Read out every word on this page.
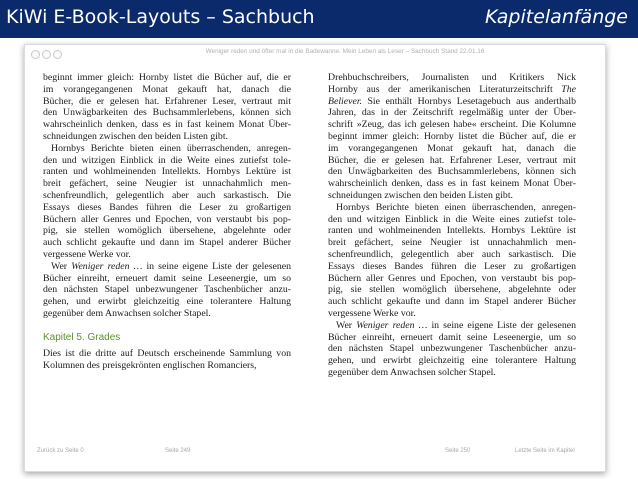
KiWi E-Book-Layouts – Sachbuch	Kapitelanfänge
Weniger reden und öfter mal in die Badewanne. Mein Leben als Leser – Sachbuch Stand 22.01.16
beginnt immer gleich: Hornby listet die Bücher auf, die er
im vorangegangenen Monat gekauft hat, danach die
Bücher, die er gelesen hat. Erfahrener Leser, vertraut mit
den Unwägbarkeiten des Buchsammlerlebens, können sich
wahrscheinlich denken, dass es in fast keinem Monat Über-
schneidungen zwischen den beiden Listen gibt.
Hornbys Berichte bieten einen überraschenden, anregen-
den und witzigen Einblick in die Weite eines zutiefst tole-
ranten und wohlmeinenden Intellekts. Hornbys Lektüre ist
breit gefächert, seine Neugier ist unnachahmlich men-
schenfreundlich, gelegentlich aber auch sarkastisch. Die
Essays dieses Bandes führen die Leser zu großartigen
Büchern aller Genres und Epochen, von verstaubt bis pop-
pig, sie stellen womöglich übersehene, abgelehnte oder
auch schlicht gekaufte und dann im Stapel anderer Bücher
vergessene Werke vor.
Wer Weniger reden … in seine eigene Liste der gelesenen
Bücher einreiht, erneuert damit seine Leseenergie, um so
den nächsten Stapel unbezwungener Taschenbücher anzu-
gehen, und erwirbt gleichzeitig eine tolerantere Haltung
gegenüber dem Anwachsen solcher Stapel.
Kapitel 5. Grades
Dies ist die dritte auf Deutsch erscheinende Sammlung von
Kolumnen des preisgekrönten englischen Romanciers,
Drehbuchschreibers, Journalisten und Kritikers Nick
Hornby aus der amerikanischen Literaturzeitschrift The
Believer. Sie enthält Hornbys Lesetagebuch aus anderthalb
Jahren, das in der Zeitschrift regelmäßig unter der Über-
schrift »Zeug, das ich gelesen habe« erscheint. Die Kolumne
beginnt immer gleich: Hornby listet die Bücher auf, die er
im vorangegangenen Monat gekauft hat, danach die
Bücher, die er gelesen hat. Erfahrener Leser, vertraut mit
den Unwägbarkeiten des Buchsammlerlebens, können sich
wahrscheinlich denken, dass es in fast keinem Monat Über-
schneidungen zwischen den beiden Listen gibt.
Hornbys Berichte bieten einen überraschenden, anregen-
den und witzigen Einblick in die Weite eines zutiefst tole-
ranten und wohlmeinenden Intellekts. Hornbys Lektüre ist
breit gefächert, seine Neugier ist unnachahmlich men-
schenfreundlich, gelegentlich aber auch sarkastisch. Die
Essays dieses Bandes führen die Leser zu großartigen
Büchern aller Genres und Epochen, von verstaubt bis pop-
pig, sie stellen womöglich übersehene, abgelehnte oder
auch schlicht gekaufte und dann im Stapel anderer Bücher
vergessene Werke vor.
Wer Weniger reden … in seine eigene Liste der gelesenen
Bücher einreiht, erneuert damit seine Leseenergie, um so
den nächsten Stapel unbezwungener Taschenbücher anzu-
gehen, und erwirbt gleichzeitig eine tolerantere Haltung
gegenüber dem Anwachsen solcher Stapel.
Zurück zu Seite 0	Seite 249	Seite 250	Letzte Seite im Kapitel
